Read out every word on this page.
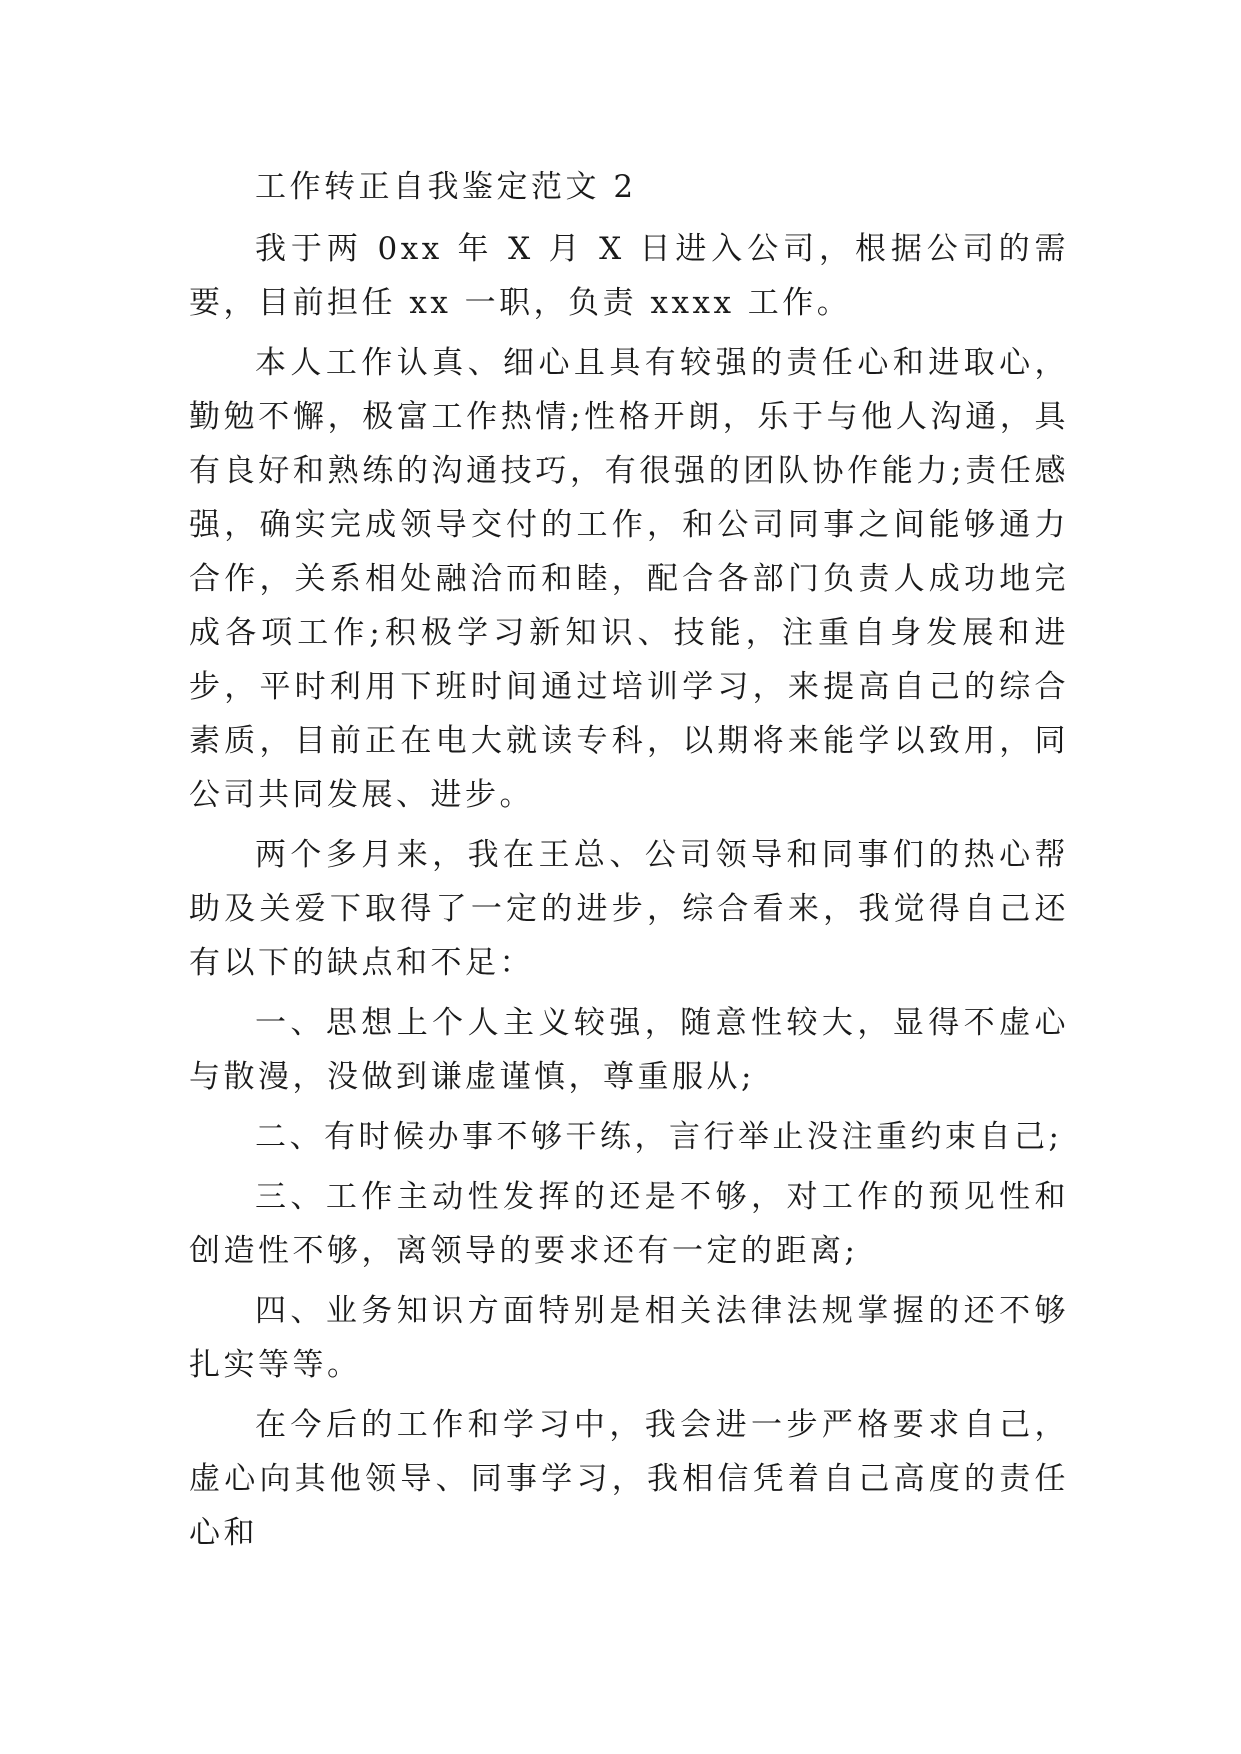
工作转正自我鉴定范文 2

我于两 0xx 年 X 月 X 日进入公司，根据公司的需要，目前担任 xx 一职，负责 xxxx 工作。

本人工作认真、细心且具有较强的责任心和进取心，勤勉不懈，极富工作热情;性格开朗，乐于与他人沟通，具有良好和熟练的沟通技巧，有很强的团队协作能力;责任感强，确实完成领导交付的工作，和公司同事之间能够通力合作，关系相处融洽而和睦，配合各部门负责人成功地完成各项工作;积极学习新知识、技能，注重自身发展和进步，平时利用下班时间通过培训学习，来提高自己的综合素质，目前正在电大就读专科，以期将来能学以致用，同公司共同发展、进步。

两个多月来，我在王总、公司领导和同事们的热心帮助及关爱下取得了一定的进步，综合看来，我觉得自己还有以下的缺点和不足：

一、思想上个人主义较强，随意性较大，显得不虚心与散漫，没做到谦虚谨慎，尊重服从;

二、有时候办事不够干练，言行举止没注重约束自己;

三、工作主动性发挥的还是不够，对工作的预见性和创造性不够，离领导的要求还有一定的距离;

四、业务知识方面特别是相关法律法规掌握的还不够扎实等等。

在今后的工作和学习中，我会进一步严格要求自己，虚心向其他领导、同事学习，我相信凭着自己高度的责任心和
